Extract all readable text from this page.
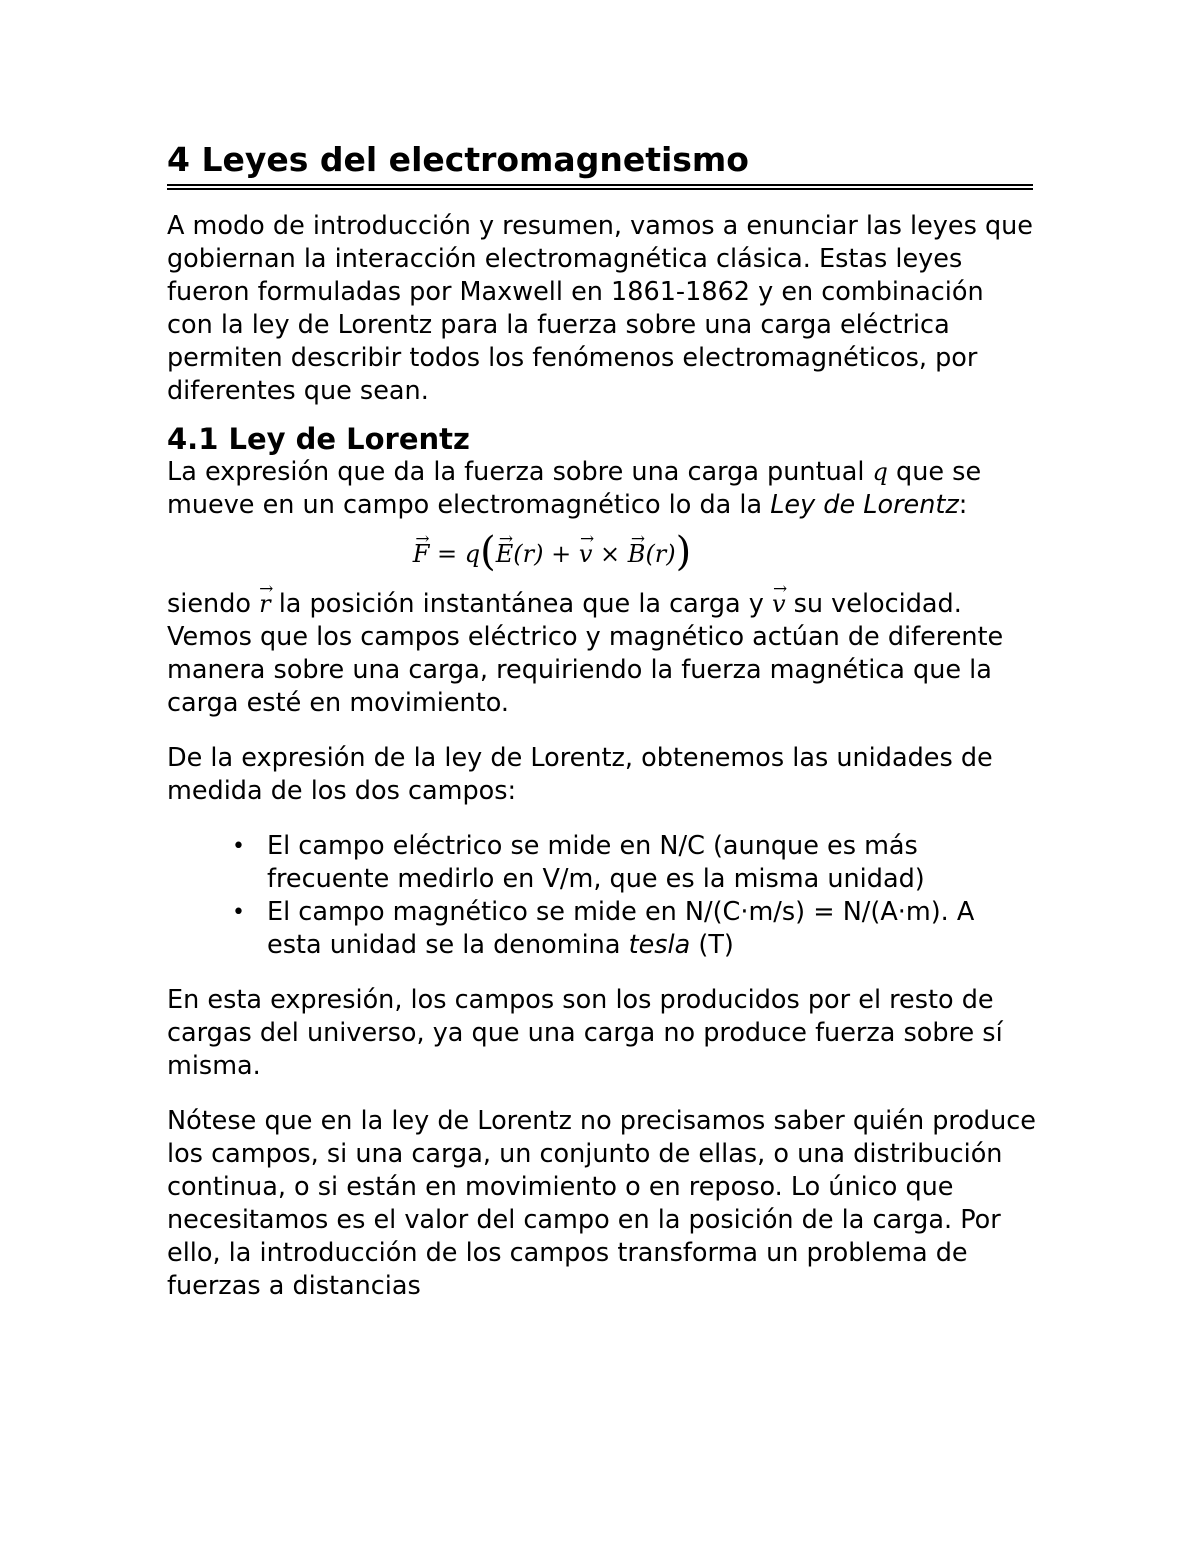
4 Leyes del electromagnetismo

A modo de introducción y resumen, vamos a enunciar las leyes que gobiernan la interacción electromagnética clásica. Estas leyes fueron formuladas por Maxwell en 1861-1862 y en combinación con la ley de Lorentz para la fuerza sobre una carga eléctrica permiten describir todos los fenómenos electromagnéticos, por diferentes que sean.

4.1 Ley de Lorentz

La expresión que da la fuerza sobre una carga puntual q que se mueve en un campo electromagnético lo da la Ley de Lorentz:

→ F = q(→ E(r) + → v × → B(r))

siendo → r la posición instantánea que la carga y → v su velocidad. Vemos que los campos eléctrico y magnético actúan de diferente manera sobre una carga, requiriendo la fuerza magnética que la carga esté en movimiento.

De la expresión de la ley de Lorentz, obtenemos las unidades de medida de los dos campos:

• El campo eléctrico se mide en N/C (aunque es más frecuente medirlo en V/m, que es la misma unidad)
• El campo magnético se mide en N/(C·m/s) = N/(A·m). A esta unidad se la denomina tesla (T)

En esta expresión, los campos son los producidos por el resto de cargas del universo, ya que una carga no produce fuerza sobre sí misma.

Nótese que en la ley de Lorentz no precisamos saber quién produce los campos, si una carga, un conjunto de ellas, o una distribución continua, o si están en movimiento o en reposo. Lo único que necesitamos es el valor del campo en la posición de la carga. Por ello, la introducción de los campos transforma un problema de fuerzas a distancias
